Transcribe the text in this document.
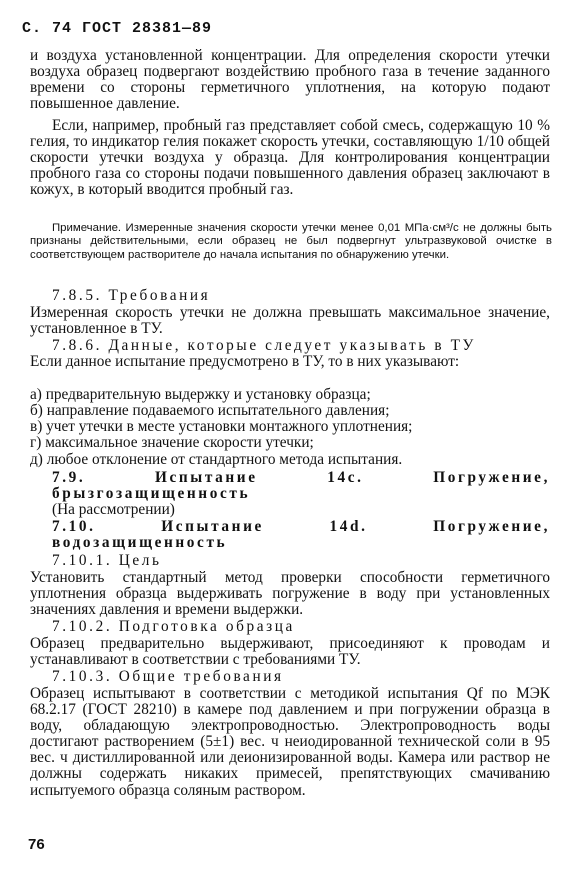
С. 74 ГОСТ 28381—89
и воздуха установленной концентрации. Для определения скорости утечки воздуха образец подвергают воздействию пробного газа в течение заданного времени со стороны герметичного уплотнения, на которую подают повышенное давление.
Если, например, пробный газ представляет собой смесь, содержащую 10 % гелия, то индикатор гелия покажет скорость утечки, составляющую 1/10 общей скорости утечки воздуха у образца. Для контролирования концентрации пробного газа со стороны подачи повышенного давления образец заключают в кожух, в который вводится пробный газ.
Примечание. Измеренные значения скорости утечки менее 0,01 МПа·см³/с не должны быть признаны действительными, если образец не был подвергнут ультразвуковой очистке в соответствующем растворителе до начала испытания по обнаружению утечки.
7.8.5. Требования
Измеренная скорость утечки не должна превышать максимальное значение, установленное в ТУ.
7.8.6. Данные, которые следует указывать в ТУ
Если данное испытание предусмотрено в ТУ, то в них указывают:
а) предварительную выдержку и установку образца;
б) направление подаваемого испытательного давления;
в) учет утечки в месте установки монтажного уплотнения;
г) максимальное значение скорости утечки;
д) любое отклонение от стандартного метода испытания.
7.9. Испытание 14с. Погружение, брызгозащищенность
(На рассмотрении)
7.10. Испытание 14d. Погружение, водозащищенность
7.10.1. Цель
Установить стандартный метод проверки способности герметичного уплотнения образца выдерживать погружение в воду при установленных значениях давления и времени выдержки.
7.10.2. Подготовка образца
Образец предварительно выдерживают, присоединяют к проводам и устанавливают в соответствии с требованиями ТУ.
7.10.3. Общие требования
Образец испытывают в соответствии с методикой испытания Qf по МЭК 68.2.17 (ГОСТ 28210) в камере под давлением и при погружении образца в воду, обладающую электропроводностью. Электропроводность воды достигают растворением (5±1) вес. ч неиодированной технической соли в 95 вес. ч дистиллированной или деионизированной воды. Камера или раствор не должны содержать никаких примесей, препятствующих смачиванию испытуемого образца соляным раствором.
76
